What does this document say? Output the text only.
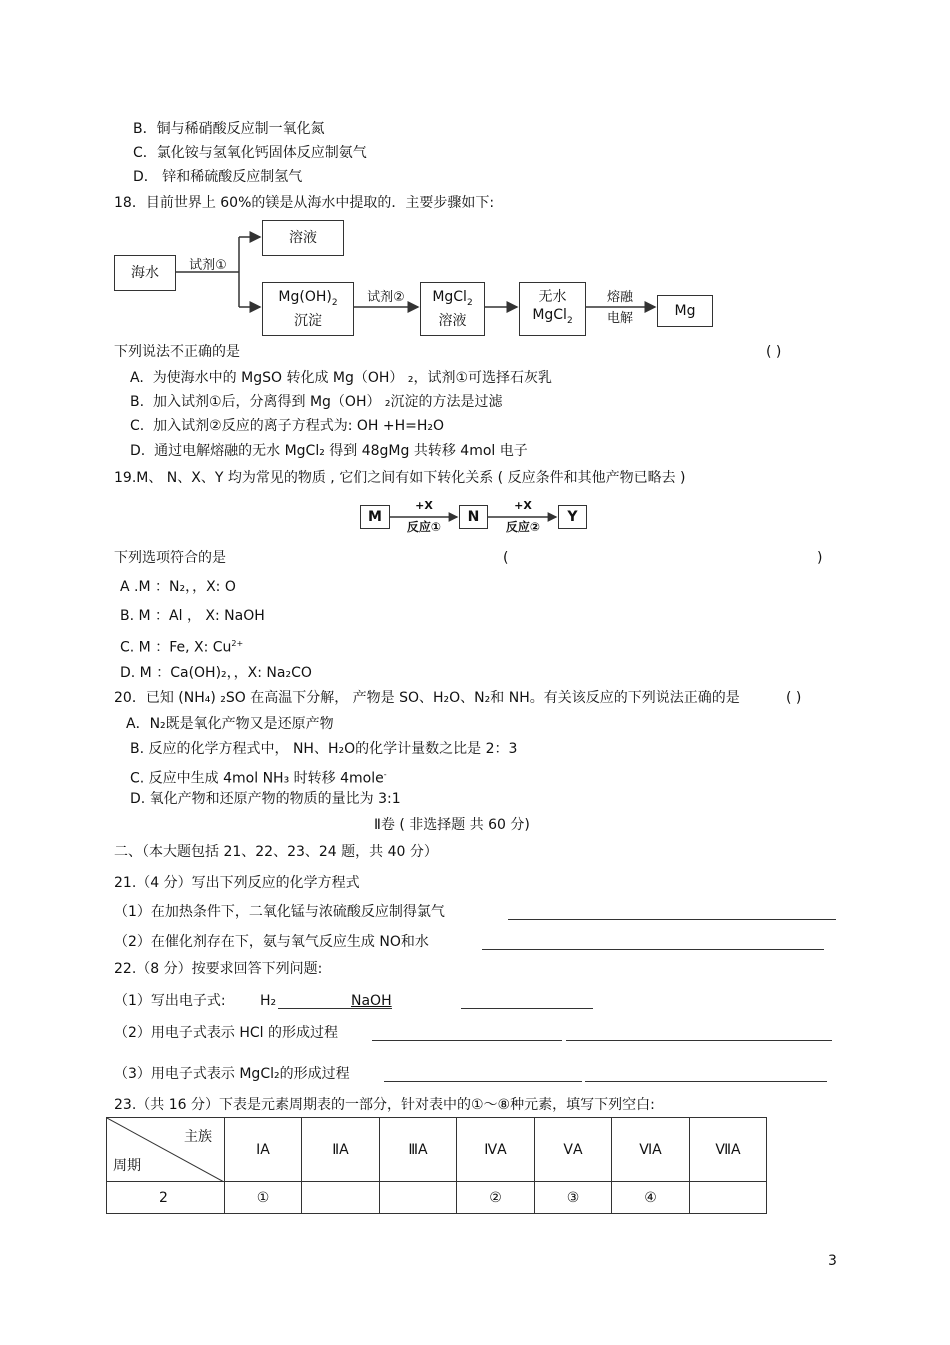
B．铜与稀硝酸反应制一氧化氮
C．氯化铵与氢氧化钙固体反应制氨气
D． 锌和稀硫酸反应制氢气
18．目前世界上 60%的镁是从海水中提取的．主要步骤如下:
海水	试剂①
溶液
$Mg(OH)_2$
沉淀
试剂②	MgCl$_2$
溶液
无水
MgCl$_2$
熔融
电解	Mg
下列说法不正确的是	( )
A. 为使海水中的 MgSO 转化成 Mg（OH） ₂，试剂①可选择石灰乳
B. 加入试剂①后，分离得到 Mg（OH） ₂沉淀的方法是过滤
C. 加入试剂②反应的离子方程式为: OH +H=H₂O
D. 通过电解熔融的无水 MgCl₂ 得到 48gMg 共转移 4mol 电子
19.M、 N、X、Y 均为常见的物质 , 它们之间有如下转化关系 ( 反应条件和其他产物已略去 )
M
+X
反应①
N
+X
反应②
Y
下列选项符合的是	(	)
A .M ：N₂，，X: O
B. M ：Al ， X: NaOH
C. M ：Fe, X: $Cu^{2+}$
D. M ：Ca(OH)₂，，X: Na₂CO
20．已知 (NH₄) ₂SO 在高温下分解， 产物是 SO、H₂O、N₂和 NH。有关该反应的下列说法正确的是	( )
A．N₂既是氧化产物又是还原产物
B. 反应的化学方程式中， NH、H₂O的化学计量数之比是 2：3
C. 反应中生成 4mol NH₃ 时转移 4mole-
D. 氧化产物和还原产物的物质的量比为 3:1
Ⅱ卷 ( 非选择题 共 60 分)
二、（本大题包括 21、22、23、24 题，共 40 分）
21.（4 分）写出下列反应的化学方程式
（1）在加热条件下，二氧化锰与浓硫酸反应制得氯气
（2）在催化剂存在下，氨与氧气反应生成 NO和水
22.（8 分）按要求回答下列问题:
（1）写出电子式: H₂	NaOH
（2）用电子式表示 HCl 的形成过程
（3）用电子式表示 MgCl₂的形成过程
23.（共 16 分）下表是元素周期表的一部分，针对表中的①～⑧种元素，填写下列空白:
主族
周期	ⅠA	ⅡA	ⅢA	ⅣA	ⅤA	ⅥA	ⅦA
2	①			②	③	④	
3
